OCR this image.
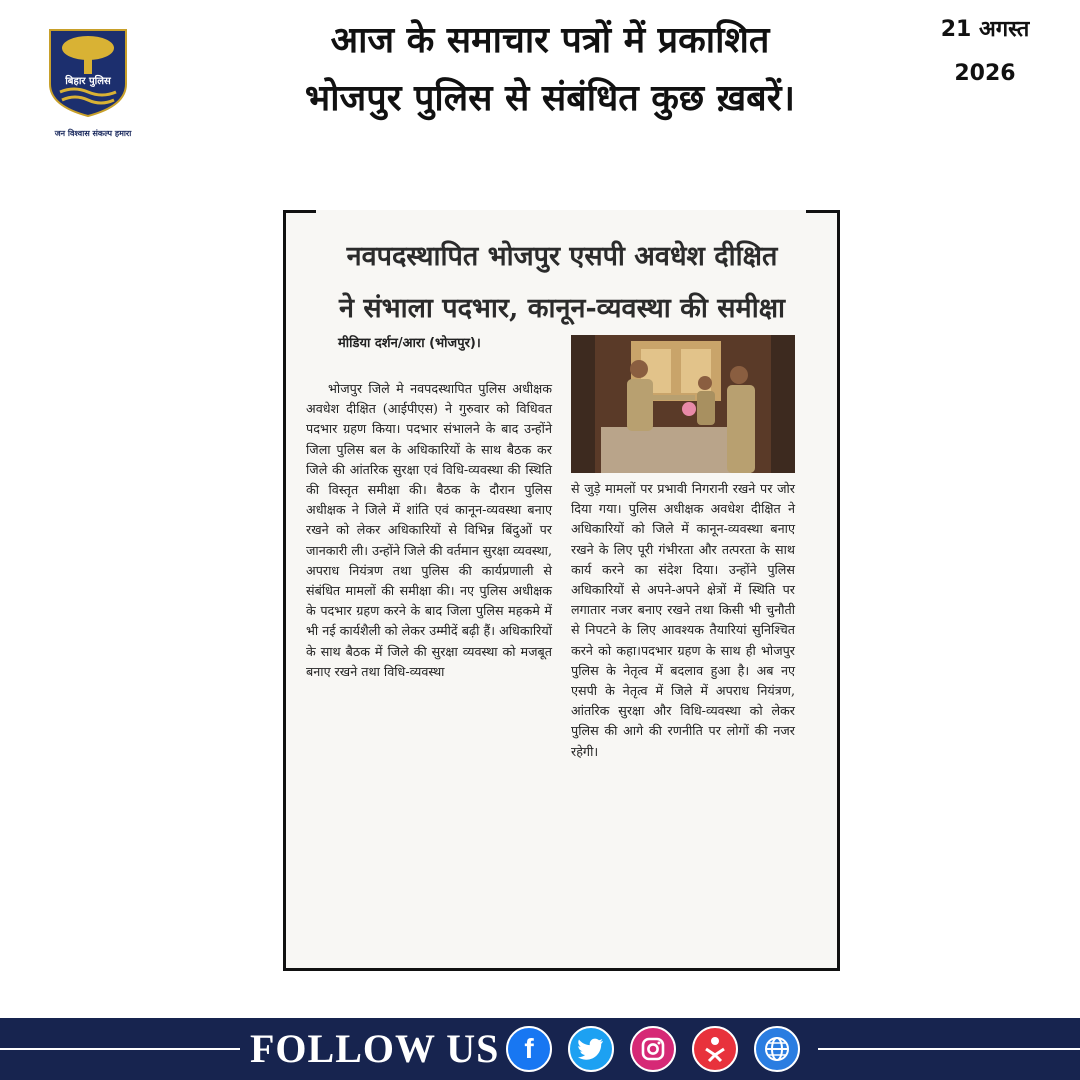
बिहार पुलिस
जन विश्वास संकल्प हमारा
आज के समाचार पत्रों में प्रकाशित
भोजपुर पुलिस से संबंधित कुछ ख़बरें।
21 अगस्त
2026
नवपदस्थापित भोजपुर एसपी अवधेश दीक्षित
ने संभाला पदभार, कानून-व्यवस्था की समीक्षा
मीडिया दर्शन/आरा (भोजपुर)।
भोजपुर जिले मे नवपदस्थापित पुलिस अधीक्षक अवधेश दीक्षित (आईपीएस) ने गुरुवार को विधिवत पदभार ग्रहण किया। पदभार संभालने के बाद उन्होंने जिला पुलिस बल के अधिकारियों के साथ बैठक कर जिले की आंतरिक सुरक्षा एवं विधि-व्यवस्था की स्थिति की विस्तृत समीक्षा की। बैठक के दौरान पुलिस अधीक्षक ने जिले में शांति एवं कानून-व्यवस्था बनाए रखने को लेकर अधिकारियों से विभिन्न बिंदुओं पर जानकारी ली। उन्होंने जिले की वर्तमान सुरक्षा व्यवस्था, अपराध नियंत्रण तथा पुलिस की कार्यप्रणाली से संबंधित मामलों की समीक्षा की। नए पुलिस अधीक्षक के पदभार ग्रहण करने के बाद जिला पुलिस महकमे में भी नई कार्यशैली को लेकर उम्मीदें बढ़ी हैं। अधिकारियों के साथ बैठक में जिले की सुरक्षा व्यवस्था को मजबूत बनाए रखने तथा विधि-व्यवस्था
से जुड़े मामलों पर प्रभावी निगरानी रखने पर जोर दिया गया। पुलिस अधीक्षक अवधेश दीक्षित ने अधिकारियों को जिले में कानून-व्यवस्था बनाए रखने के लिए पूरी गंभीरता और तत्परता के साथ कार्य करने का संदेश दिया। उन्होंने पुलिस अधिकारियों से अपने-अपने क्षेत्रों में स्थिति पर लगातार नजर बनाए रखने तथा किसी भी चुनौती से निपटने के लिए आवश्यक तैयारियां सुनिश्चित करने को कहा।पदभार ग्रहण के साथ ही भोजपुर पुलिस के नेतृत्व में बदलाव हुआ है। अब नए एसपी के नेतृत्व में जिले में अपराध नियंत्रण, आंतरिक सुरक्षा और विधि-व्यवस्था को लेकर पुलिस की आगे की रणनीति पर लोगों की नजर रहेगी।
FOLLOW US f
